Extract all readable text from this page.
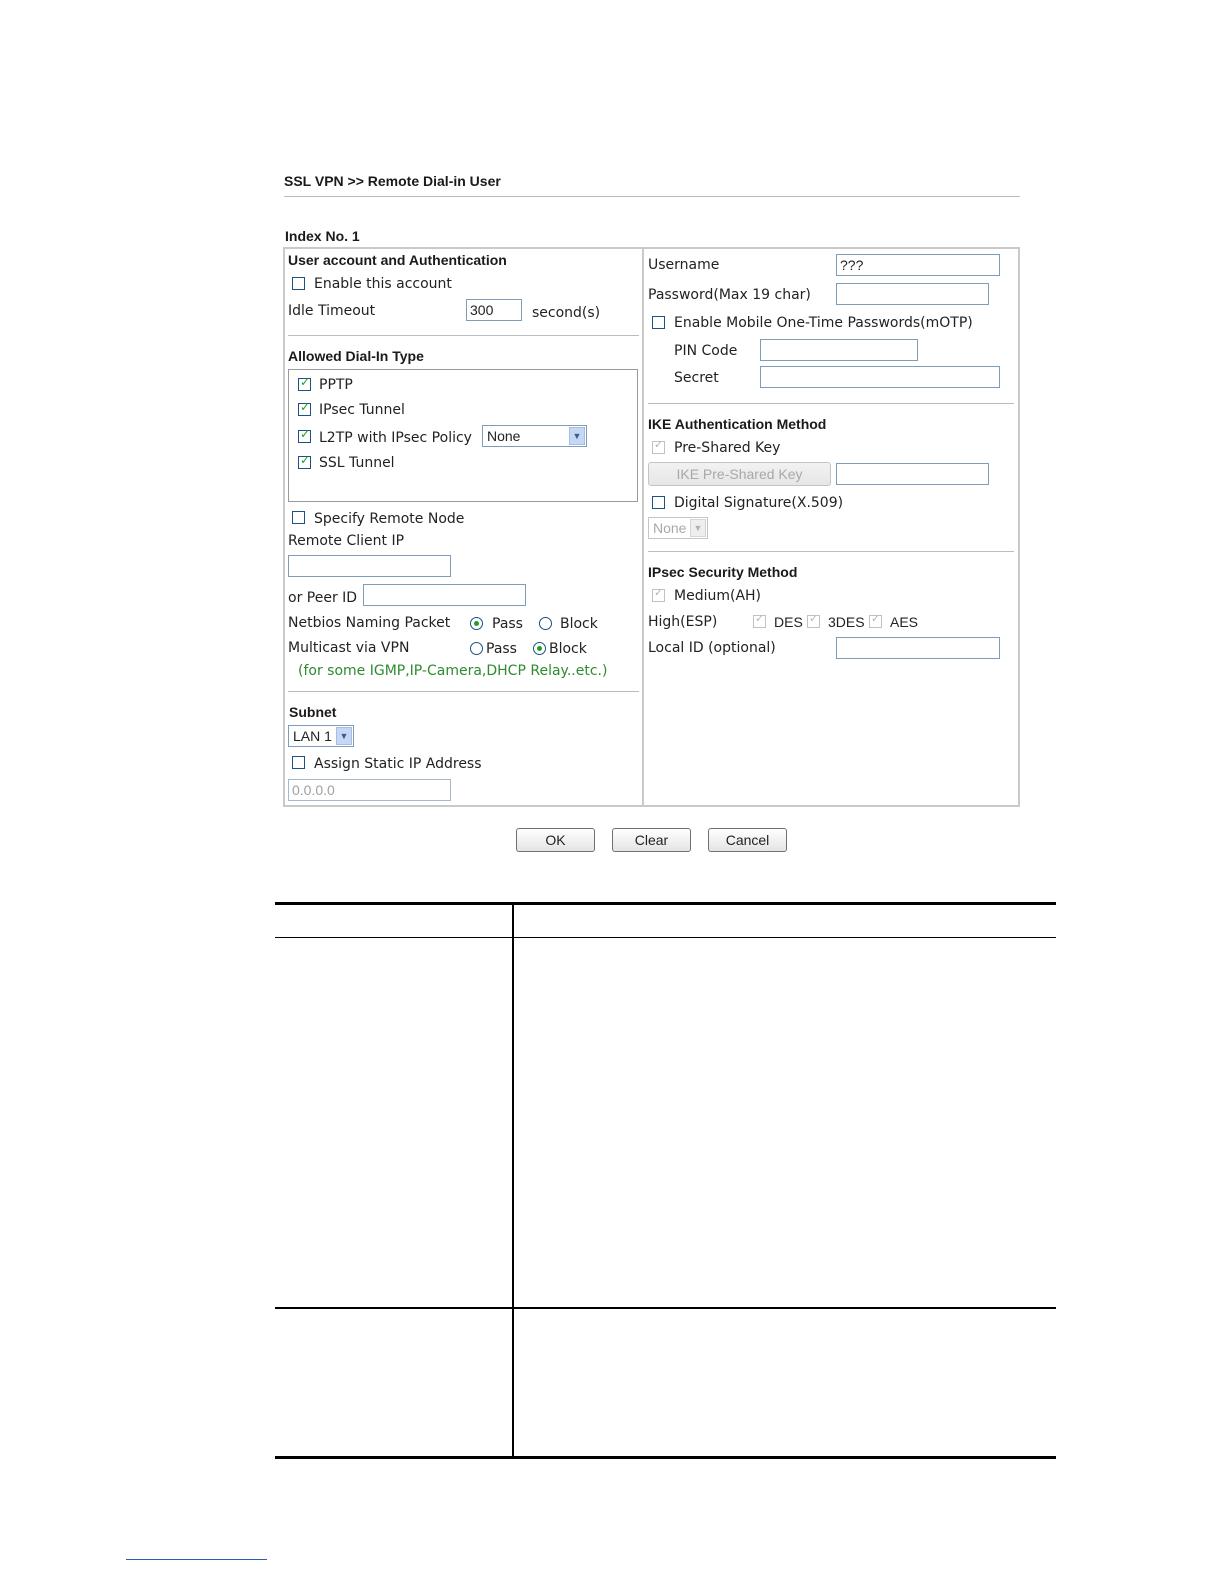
SSL VPN >> Remote Dial-in User
Index No. 1
User account and Authentication
Enable this account
Idle Timeout	300	second(s)
Allowed Dial-In Type
✓
PPTP
✓
IPsec Tunnel
✓
L2TP with IPsec Policy	None	▼
✓
SSL Tunnel
Specify Remote Node
Remote Client IP
or Peer ID
Netbios Naming Packet	Pass	Block
Multicast via VPN	Pass Block
(for some IGMP,IP-Camera,DHCP Relay..etc.)
Subnet
LAN 1 ▼
Assign Static IP Address
0.0.0.0
Username	???
Password(Max 19 char)
Enable Mobile One-Time Passwords(mOTP)
PIN Code
Secret
IKE Authentication Method
✓
Pre-Shared Key
IKE Pre-Shared Key
Digital Signature(X.509)
None ▼
IPsec Security Method
✓
Medium(AH)
High(ESP) ✓	DES ✓ 3DES ✓ AES
Local ID (optional)
OK	Clear	Cancel
